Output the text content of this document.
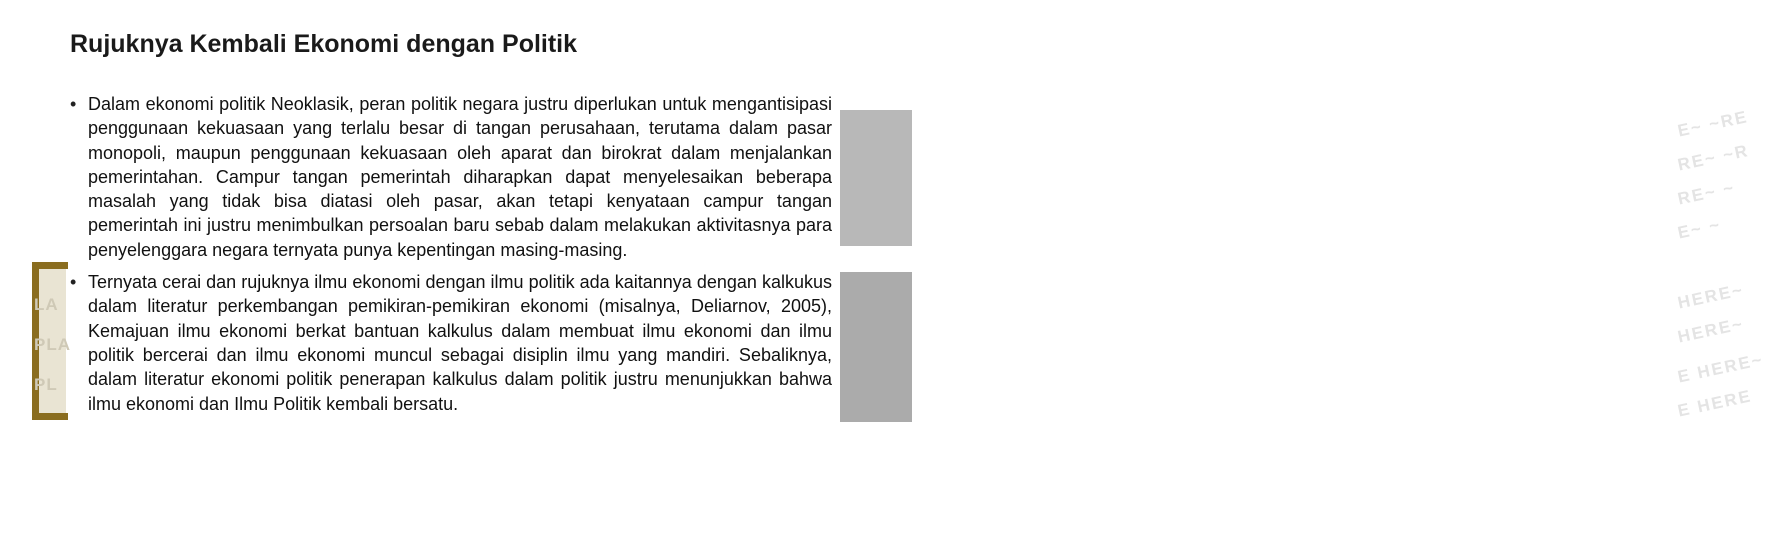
LA
PLA
PL
E~ ~RE
RE~ ~R
RE~ ~
E~ ~
HERE~
HERE~
E HERE~
E HERE
Rujuknya Kembali Ekonomi dengan Politik
• Dalam ekonomi politik Neoklasik, peran politik negara justru diperlukan untuk mengantisipasi penggunaan kekuasaan yang terlalu besar di tangan perusahaan, terutama dalam pasar monopoli, maupun penggunaan kekuasaan oleh aparat dan birokrat dalam menjalankan pemerintahan. Campur tangan pemerintah diharapkan dapat menyelesaikan beberapa masalah yang tidak bisa diatasi oleh pasar, akan tetapi kenyataan campur tangan pemerintah ini justru menimbulkan persoalan baru sebab dalam melakukan aktivitasnya para penyelenggara negara ternyata punya kepentingan masing-masing.
• Ternyata cerai dan rujuknya ilmu ekonomi dengan ilmu politik ada kaitannya dengan kalkukus dalam literatur perkembangan pemikiran-pemikiran ekonomi (misalnya, Deliarnov, 2005), Kemajuan ilmu ekonomi berkat bantuan kalkulus dalam membuat ilmu ekonomi dan ilmu politik bercerai dan ilmu ekonomi muncul sebagai disiplin ilmu yang mandiri. Sebaliknya, dalam literatur ekonomi politik penerapan kalkulus dalam politik justru menunjukkan bahwa ilmu ekonomi dan Ilmu Politik kembali bersatu.
